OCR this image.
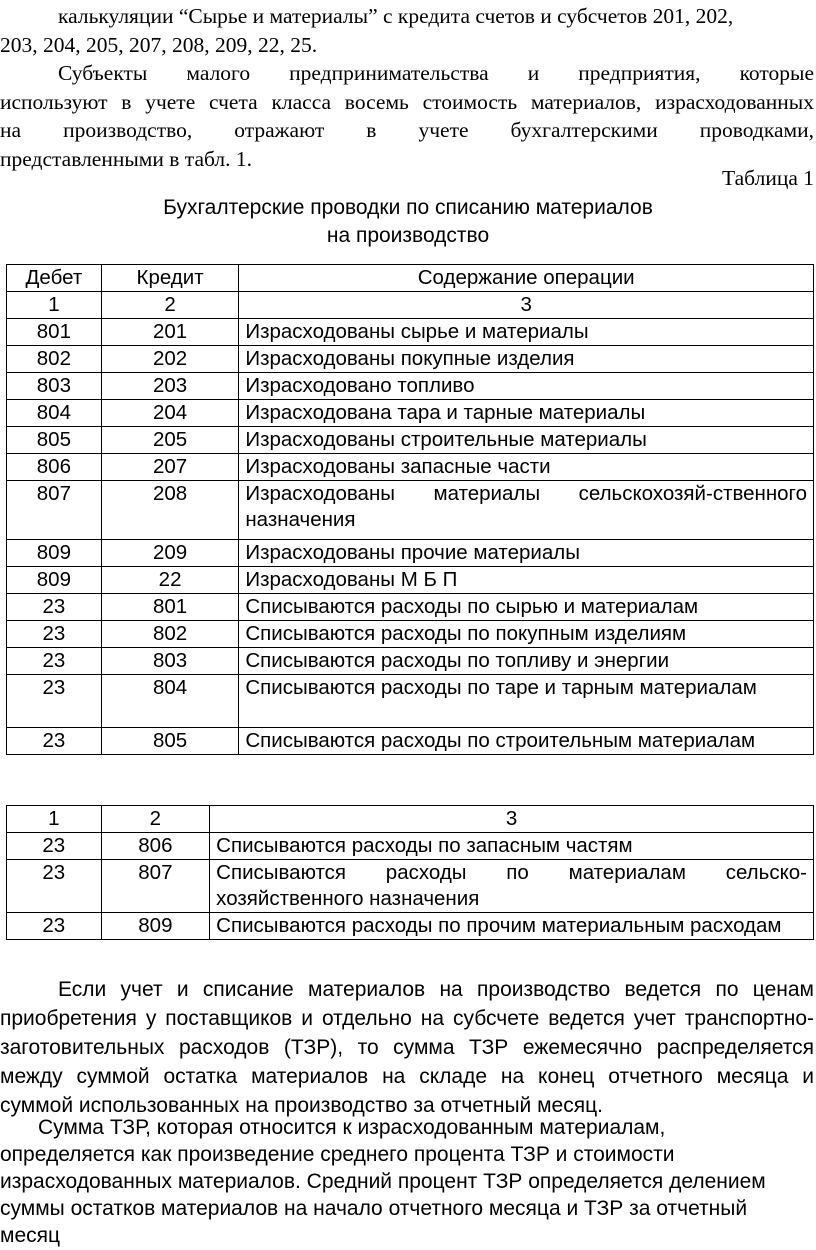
калькуляции “Сырье и материалы” с кредита счетов и субсчетов 201, 202,
203, 204, 205, 207, 208, 209, 22, 25.
Субъекты малого предпринимательства и предприятия, которые
используют в учете счета класса восемь стоимость материалов, израсходованных
на производство, отражают в учете бухгалтерскими проводками,
представленными в табл. 1.
Таблица 1
Бухгалтерские проводки по списанию материалов
на производство
Дебет	Кредит	Содержание операции
1	2	3
801	201	Израсходованы сырье и материалы
802	202	Израсходованы покупные изделия
803	203	Израсходовано топливо
804	204	Израсходована тара и тарные материалы
805	205	Израсходованы строительные материалы
806	207	Израсходованы запасные части
807	208	Израсходованы материалы сельскохозяй-ственного
назначения

809	209	Израсходованы прочие материалы
809	22	Израсходованы М Б П
23	801	Списываются расходы по сырью и материалам
23	802	Списываются расходы по покупным изделиям
23	803	Списываются расходы по топливу и энергии
23	804	Списываются расходы по таре и тарным материалам
23	805	Списываются расходы по строительным материалам
1	2	3
23	806	Списываются расходы по запасным частям
23	807	Списываются расходы по материалам сельско-
хозяйственного назначения

23	809	Списываются расходы по прочим материальным расходам
Если учет и списание материалов на производство ведется по ценам
приобретения у поставщиков и отдельно на субсчете ведется учет транспортно-
заготовительных расходов (ТЗР), то сумма ТЗР ежемесячно распределяется
между суммой остатка материалов на складе на конец отчетного месяца и
суммой использованных на производство за отчетный месяц.
Сумма ТЗР, которая относится к израсходованным материалам,
определяется как произведение среднего процента ТЗР и стоимости
израсходованных материалов. Средний процент ТЗР определяется делением
суммы остатков материалов на начало отчетного месяца и ТЗР за отчетный
месяц
